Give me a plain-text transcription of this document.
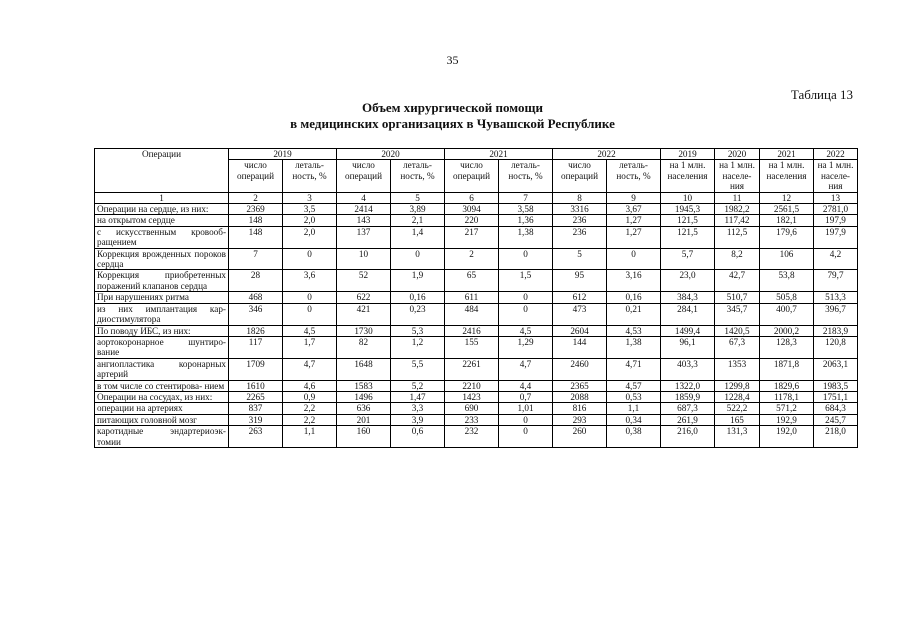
35
Таблица 13
Объем хирургической помощи
в медицинских организациях в Чувашской Республике
Операции	2019		2020		2021		2022		2019	2020	2021	2022
	число операций	леталь- ность, %	число операций	леталь- ность, %	число операций	леталь- ность, %	число операций	леталь- ность, %	на 1 млн. населения	на 1 млн. населе- ния	на 1 млн. населения	на 1 млн. населе- ния
1	2	3	4	5	6	7	8	9	10	11	12	13
Операции на сердце, из них:	2369	3,5	2414	3,89	3094	3,58	3316	3,67	1945,3	1982,2	2561,5	2781,0
на открытом сердце	148	2,0	143	2,1	220	1,36	236	1,27	121,5	117,42	182,1	197,9
с искусственным кровооб- ращением	148	2,0	137	1,4	217	1,38	236	1,27	121,5	112,5	179,6	197,9
Коррекция врожденных пороков сердца	7	0	10	0	2	0	5	0	5,7	8,2	106	4,2
Коррекция приобретенных поражений клапанов сердца	28	3,6	52	1,9	65	1,5	95	3,16	23,0	42,7	53,8	79,7
При нарушениях ритма	468	0	622	0,16	611	0	612	0,16	384,3	510,7	505,8	513,3
из них имплантация кар- диостимулятора	346	0	421	0,23	484	0	473	0,21	284,1	345,7	400,7	396,7
По поводу ИБС, из них:	1826	4,5	1730	5,3	2416	4,5	2604	4,53	1499,4	1420,5	2000,2	2183,9
аортокоронарное шунтиро- вание	117	1,7	82	1,2	155	1,29	144	1,38	96,1	67,3	128,3	120,8
ангиопластика коронарных артерий	1709	4,7	1648	5,5	2261	4,7	2460	4,71	403,3	1353	1871,8	2063,1
в том числе со стентирова- нием	1610	4,6	1583	5,2	2210	4,4	2365	4,57	1322,0	1299,8	1829,6	1983,5
Операции на сосудах, из них:	2265	0,9	1496	1,47	1423	0,7	2088	0,53	1859,9	1228,4	1178,1	1751,1
операции на артериях	837	2,2	636	3,3	690	1,01	816	1,1	687,3	522,2	571,2	684,3
питающих головной мозг	319	2,2	201	3,9	233	0	293	0,34	261,9	165	192,9	245,7
каротидные эндартериоэк- томии	263	1,1	160	0,6	232	0	260	0,38	216,0	131,3	192,0	218,0
